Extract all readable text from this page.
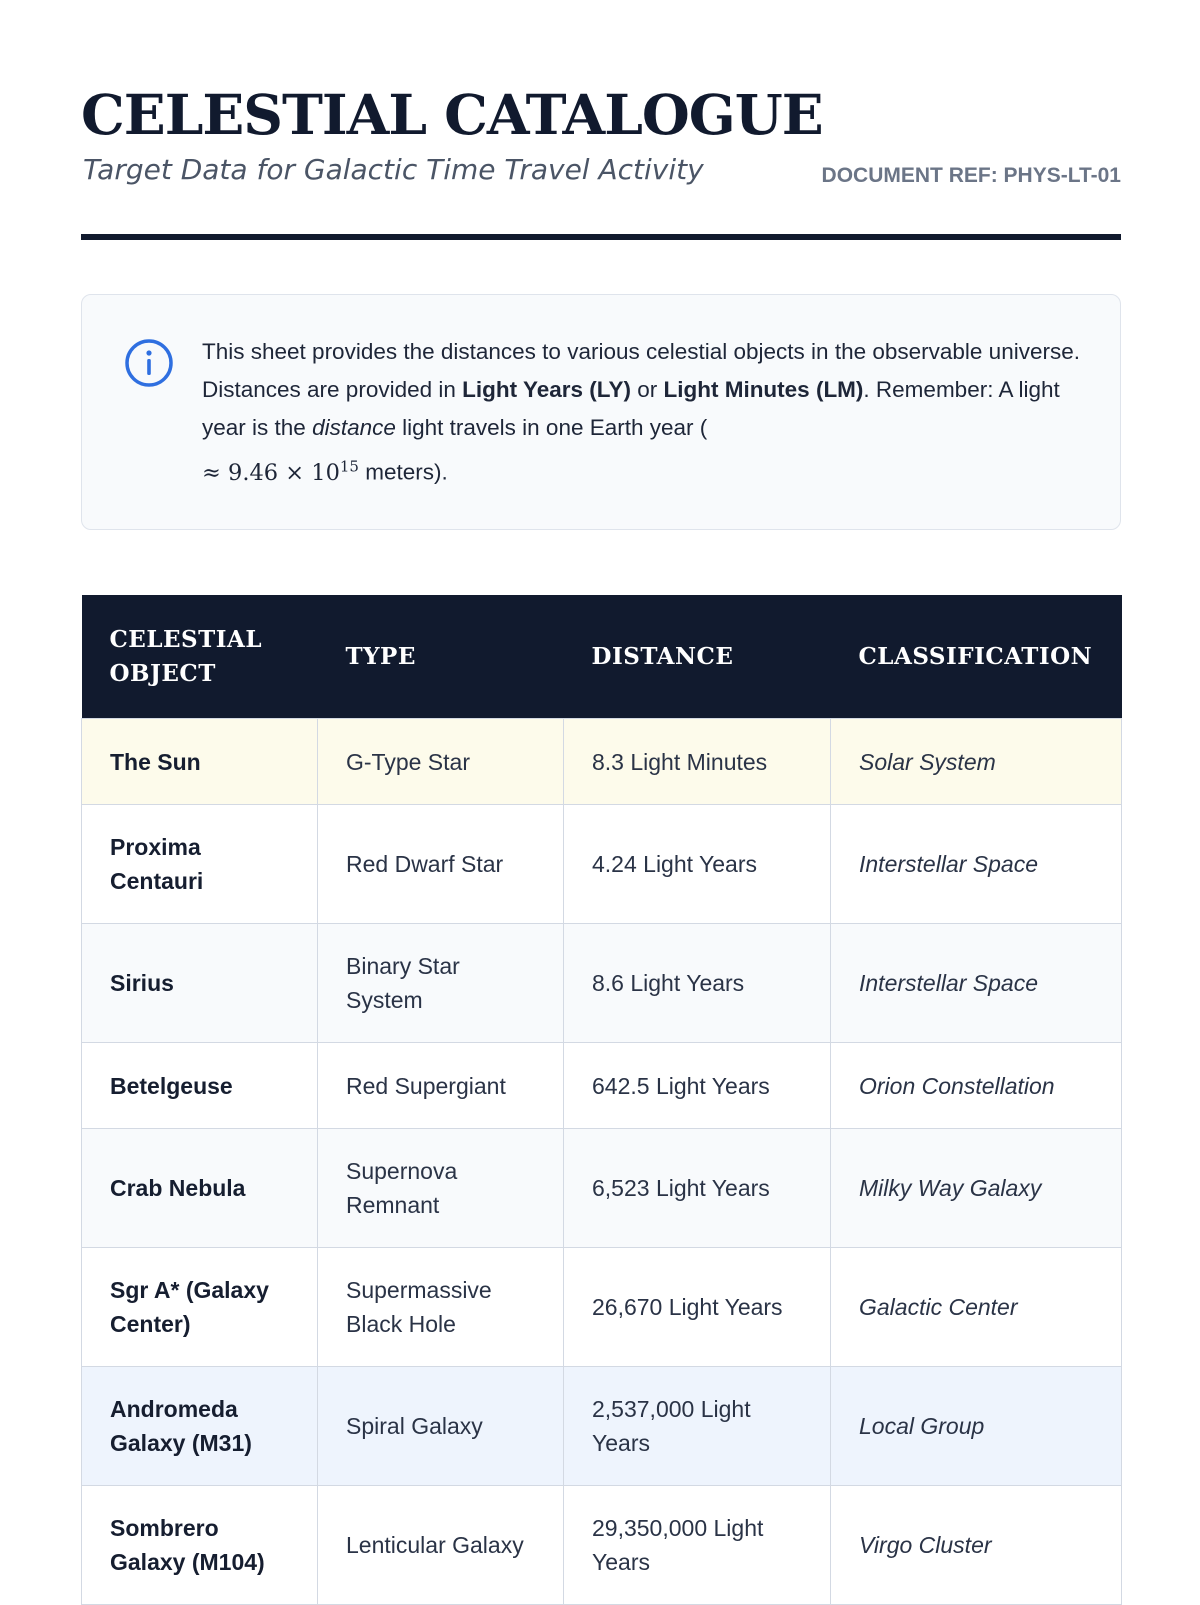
CELESTIAL CATALOGUE

Target Data for Galactic Time Travel Activity	DOCUMENT REF: PHYS-LT-01
This sheet provides the distances to various celestial objects in the observable universe. Distances are provided in Light Years (LY) or Light Minutes (LM). Remember: A light year is the distance light travels in one Earth year (
≈ $9.46 \times 10^{15}$ meters).
CELESTIAL OBJECT	TYPE	DISTANCE	CLASSIFICATION
The Sun	G-Type Star	8.3 Light Minutes	Solar System
Proxima Centauri	Red Dwarf Star	4.24 Light Years	Interstellar Space
Sirius	Binary Star System	8.6 Light Years	Interstellar Space
Betelgeuse	Red Supergiant	642.5 Light Years	Orion Constellation
Crab Nebula	Supernova Remnant	6,523 Light Years	Milky Way Galaxy
Sgr A* (Galaxy Center)	Supermassive Black Hole	26,670 Light Years	Galactic Center
Andromeda Galaxy (M31)	Spiral Galaxy	2,537,000 Light Years	Local Group
Sombrero Galaxy (M104)	Lenticular Galaxy	29,350,000 Light Years	Virgo Cluster
